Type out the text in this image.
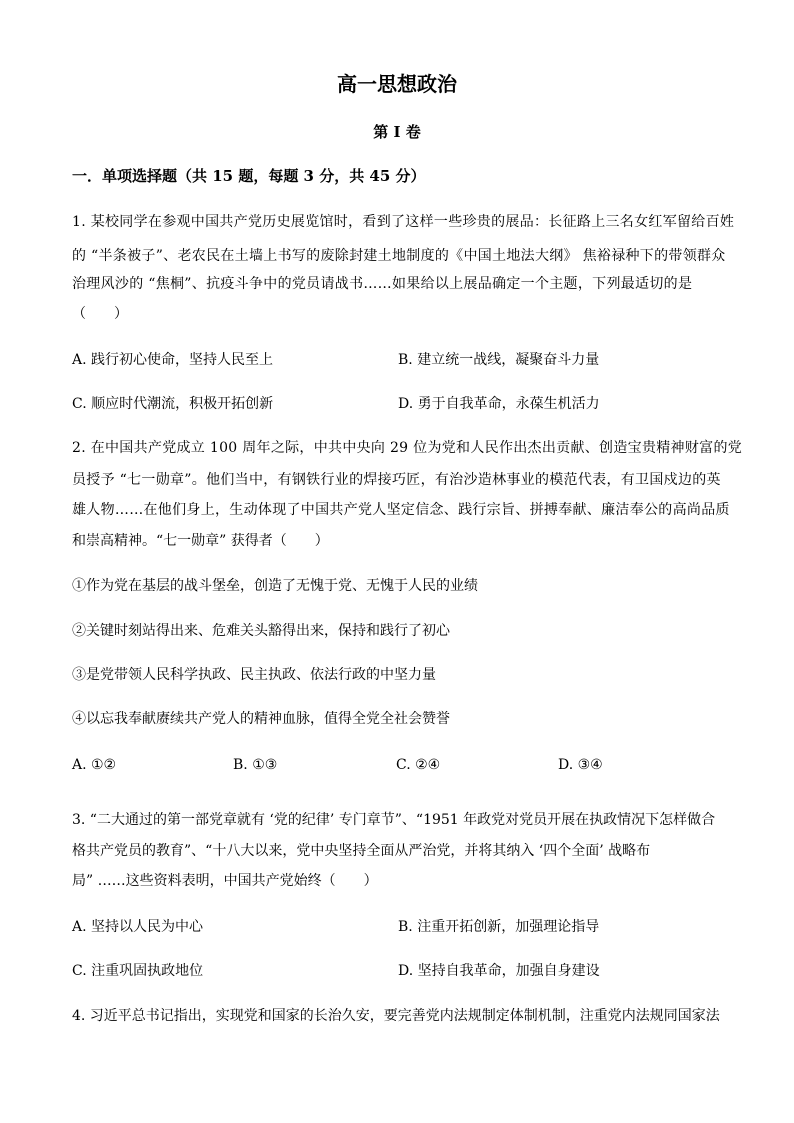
高一思想政治
第 I 卷
一．单项选择题（共 15 题，每题 3 分，共 45 分）
1. 某校同学在参观中国共产党历史展览馆时，看到了这样一些珍贵的展品：长征路上三名女红军留给百姓
的 “半条被子”、老农民在土墙上书写的废除封建土地制度的《中国土地法大纲》 焦裕禄种下的带领群众
治理风沙的 “焦桐”、抗疫斗争中的党员请战书……如果给以上展品确定一个主题，下列最适切的是
（　　）
A. 践行初心使命，坚持人民至上	B. 建立统一战线，凝聚奋斗力量
C. 顺应时代潮流，积极开拓创新	D. 勇于自我革命，永葆生机活力
2. 在中国共产党成立 100 周年之际，中共中央向 29 位为党和人民作出杰出贡献、创造宝贵精神财富的党
员授予 “七一勋章”。他们当中，有钢铁行业的焊接巧匠，有治沙造林事业的模范代表，有卫国戍边的英
雄人物……在他们身上，生动体现了中国共产党人坚定信念、践行宗旨、拼搏奉献、廉洁奉公的高尚品质
和崇高精神。“七一勋章” 获得者（　　）
①作为党在基层的战斗堡垒，创造了无愧于党、无愧于人民的业绩
②关键时刻站得出来、危难关头豁得出来，保持和践行了初心
③是党带领人民科学执政、民主执政、依法行政的中坚力量
④以忘我奉献赓续共产党人的精神血脉，值得全党全社会赞誉
A. ①②	B. ①③	C. ②④	D. ③④
3. “二大通过的第一部党章就有 ‘党的纪律’ 专门章节”、“1951 年政党对党员开展在执政情况下怎样做合
格共产党员的教育”、“十八大以来，党中央坚持全面从严治党，并将其纳入 ‘四个全面’ 战略布
局” ……这些资料表明，中国共产党始终（　　）
A. 坚持以人民为中心	B. 注重开拓创新，加强理论指导
C. 注重巩固执政地位	D. 坚持自我革命，加强自身建设
4. 习近平总书记指出，实现党和国家的长治久安，要完善党内法规制定体制机制，注重党内法规同国家法
